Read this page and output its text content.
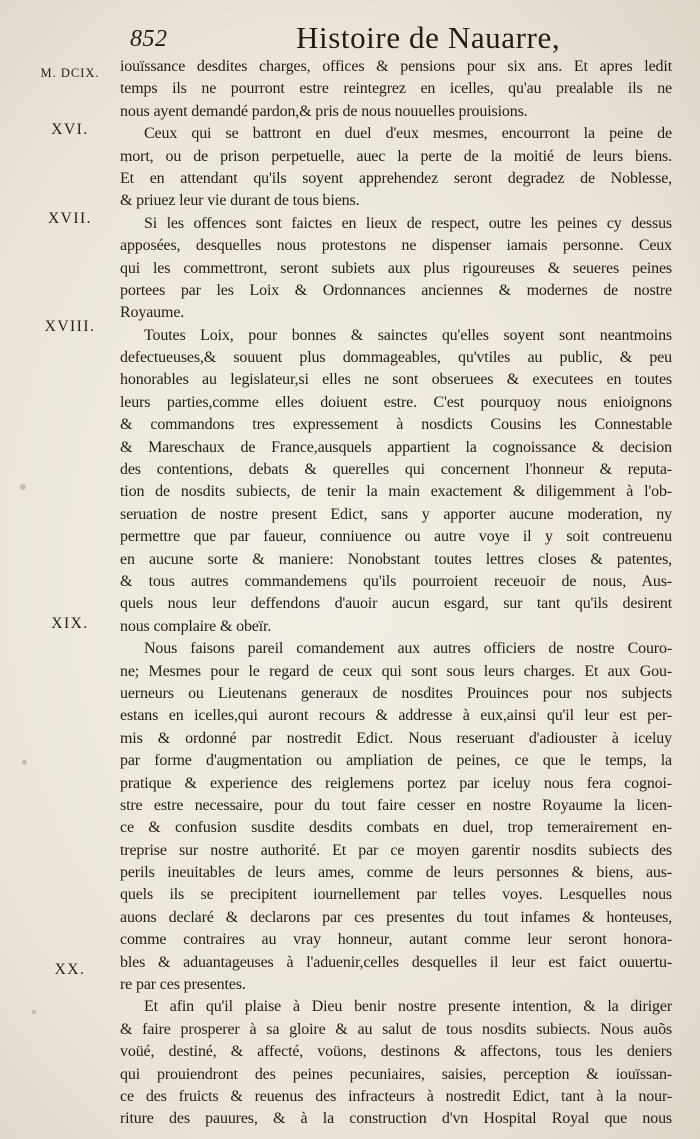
852	Histoire de Nauarre,
M. DCIX.
XVI.
XVII.
XVIII.
XIX.
XX.
iouïssance desdites charges, offices & pensions pour six ans. Et apres ledit
temps ils ne pourront estre reintegrez en icelles, qu'au prealable ils ne
nous ayent demandé pardon,& pris de nous nouuelles prouisions.
Ceux qui se battront en duel d'eux mesmes, encourront la peine de
mort, ou de prison perpetuelle, auec la perte de la moitié de leurs biens.
Et en attendant qu'ils soyent apprehendez seront degradez de Noblesse,
& priuez leur vie durant de tous biens.
Si les offences sont faictes en lieux de respect, outre les peines cy dessus
apposées, desquelles nous protestons ne dispenser iamais personne. Ceux
qui les commettront, seront subiets aux plus rigoureuses & seueres peines
portees par les Loix & Ordonnances anciennes & modernes de nostre
Royaume.
Toutes Loix, pour bonnes & sainctes qu'elles soyent sont neantmoins
defectueuses,& souuent plus dommageables, qu'vtiles au public, & peu
honorables au legislateur,si elles ne sont obseruees & executees en toutes
leurs parties,comme elles doiuent estre. C'est pourquoy nous enioignons
& commandons tres expressement à nosdicts Cousins les Connestable
& Mareschaux de France,ausquels appartient la cognoissance & decision
des contentions, debats & querelles qui concernent l'honneur & reputa-
tion de nosdits subiects, de tenir la main exactement & diligemment à l'ob-
seruation de nostre present Edict, sans y apporter aucune moderation, ny
permettre que par faueur, conniuence ou autre voye il y soit contreuenu
en aucune sorte & maniere: Nonobstant toutes lettres closes & patentes,
& tous autres commandemens qu'ils pourroient receuoir de nous, Aus-
quels nous leur deffendons d'auoir aucun esgard, sur tant qu'ils desirent
nous complaire & obeïr.
Nous faisons pareil comandement aux autres officiers de nostre Couro-
ne; Mesmes pour le regard de ceux qui sont sous leurs charges. Et aux Gou-
uerneurs ou Lieutenans generaux de nosdites Prouinces pour nos subjects
estans en icelles,qui auront recours & addresse à eux,ainsi qu'il leur est per-
mis & ordonné par nostredit Edict. Nous reseruant d'adiouster à iceluy
par forme d'augmentation ou ampliation de peines, ce que le temps, la
pratique & experience des reiglemens portez par iceluy nous fera cognoi-
stre estre necessaire, pour du tout faire cesser en nostre Royaume la licen-
ce & confusion susdite desdits combats en duel, trop temerairement en-
treprise sur nostre authorité. Et par ce moyen garentir nosdits subiects des
perils ineuitables de leurs ames, comme de leurs personnes & biens, aus-
quels ils se precipitent iournellement par telles voyes. Lesquelles nous
auons declaré & declarons par ces presentes du tout infames & honteuses,
comme contraires au vray honneur, autant comme leur seront honora-
bles & aduantageuses à l'aduenir,celles desquelles il leur est faict ouuertu-
re par ces presentes.
Et afin qu'il plaise à Dieu benir nostre presente intention, & la diriger
& faire prosperer à sa gloire & au salut de tous nosdits subiects. Nous auõs
voüé, destiné, & affecté, voüons, destinons & affectons, tous les deniers
qui prouiendront des peines pecuniaires, saisies, perception & iouïssan-
ce des fruicts & reuenus des infracteurs à nostredit Edict, tant à la nour-
riture des pauures, & à la construction d'vn Hospital Royal que nous
